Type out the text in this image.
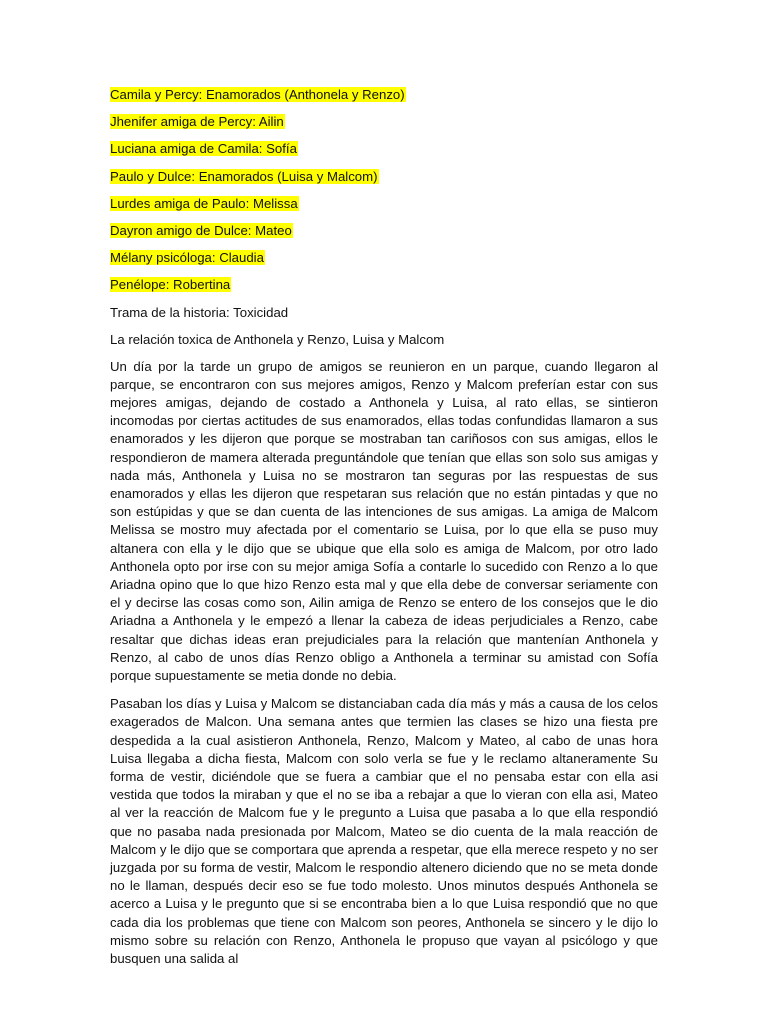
Camila y Percy: Enamorados (Anthonela y Renzo)

Jhenifer amiga de Percy: Ailin

Luciana amiga de Camila: Sofía

Paulo y Dulce: Enamorados (Luisa y Malcom)

Lurdes amiga de Paulo: Melissa

Dayron amigo de Dulce: Mateo

Mélany psicóloga: Claudia

Penélope: Robertina

Trama de la historia: Toxicidad

La relación toxica de Anthonela y Renzo, Luisa y Malcom

Un día por la tarde un grupo de amigos se reunieron en un parque, cuando llegaron al parque, se encontraron con sus mejores amigos, Renzo y Malcom preferían estar con sus mejores amigas, dejando de costado a Anthonela y Luisa, al rato ellas, se sintieron incomodas por ciertas actitudes de sus enamorados, ellas todas confundidas llamaron a sus enamorados y les dijeron que porque se mostraban tan cariñosos con sus amigas, ellos le respondieron de mamera alterada preguntándole que tenían que ellas son solo sus amigas y nada más, Anthonela y Luisa no se mostraron tan seguras por las respuestas de sus enamorados y ellas les dijeron que respetaran sus relación que no están pintadas y que no son estúpidas y que se dan cuenta de las intenciones de sus amigas. La amiga de Malcom Melissa se mostro muy afectada por el comentario se Luisa, por lo que ella se puso muy altanera con ella y le dijo que se ubique que ella solo es amiga de Malcom, por otro lado Anthonela opto por irse con su mejor amiga Sofía a contarle lo sucedido con Renzo a lo que Ariadna opino que lo que hizo Renzo esta mal y que ella debe de conversar seriamente con el y decirse las cosas como son, Ailin amiga de Renzo se entero de los consejos que le dio Ariadna a Anthonela y le empezó a llenar la cabeza de ideas perjudiciales a Renzo, cabe resaltar que dichas ideas eran prejudiciales para la relación que mantenían Anthonela y Renzo, al cabo de unos días Renzo obligo a Anthonela a terminar su amistad con Sofía porque supuestamente se metia donde no debia.

Pasaban los días y Luisa y Malcom se distanciaban cada día más y más a causa de los celos exagerados de Malcon. Una semana antes que termien las clases se hizo una fiesta pre despedida a la cual asistieron Anthonela, Renzo, Malcom y Mateo, al cabo de unas hora Luisa llegaba a dicha fiesta, Malcom con solo verla se fue y le reclamo altaneramente Su forma de vestir, diciéndole que se fuera a cambiar que el no pensaba estar con ella asi vestida que todos la miraban y que el no se iba a rebajar a que lo vieran con ella asi, Mateo al ver la reacción de Malcom fue y le pregunto a Luisa que pasaba a lo que ella respondió que no pasaba nada presionada por Malcom, Mateo se dio cuenta de la mala reacción de Malcom y le dijo que se comportara que aprenda a respetar, que ella merece respeto y no ser juzgada por su forma de vestir, Malcom le respondio altenero diciendo que no se meta donde no le llaman, después decir eso se fue todo molesto. Unos minutos después Anthonela se acerco a Luisa y le pregunto que si se encontraba bien a lo que Luisa respondió que no que cada dia los problemas que tiene con Malcom son peores, Anthonela se sincero y le dijo lo mismo sobre su relación con Renzo, Anthonela le propuso que vayan al psicólogo y que busquen una salida al
